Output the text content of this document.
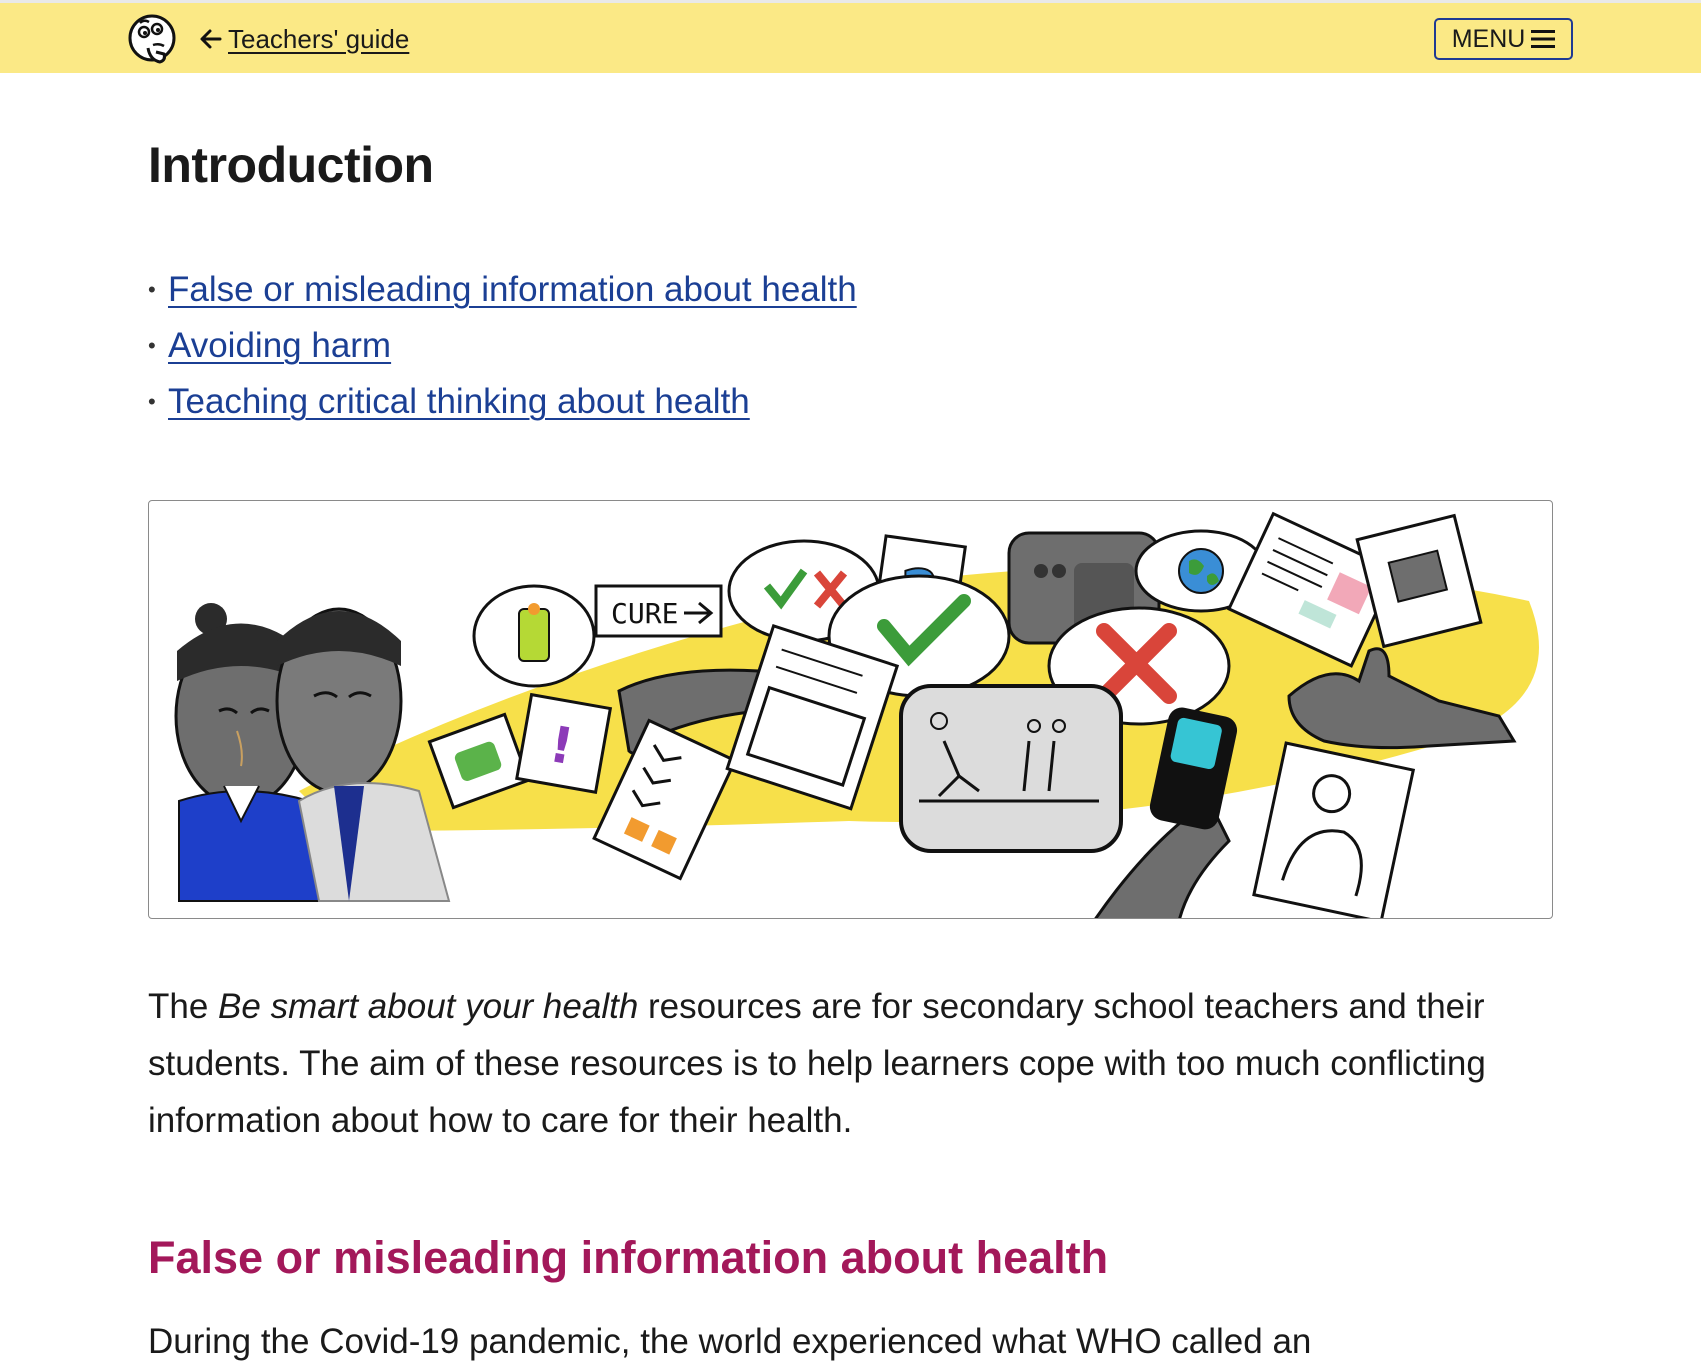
Teachers' guide	MENU
Introduction
• False or misleading information about health
• Avoiding harm
• Teaching critical thinking about health
CURE
!

The Be smart about your health resources are for secondary school teachers and their students. The aim of these resources is to help learners cope with too much conflicting information about how to care for their health.

False or misleading information about health

During the Covid-19 pandemic, the world experienced what WHO called an
